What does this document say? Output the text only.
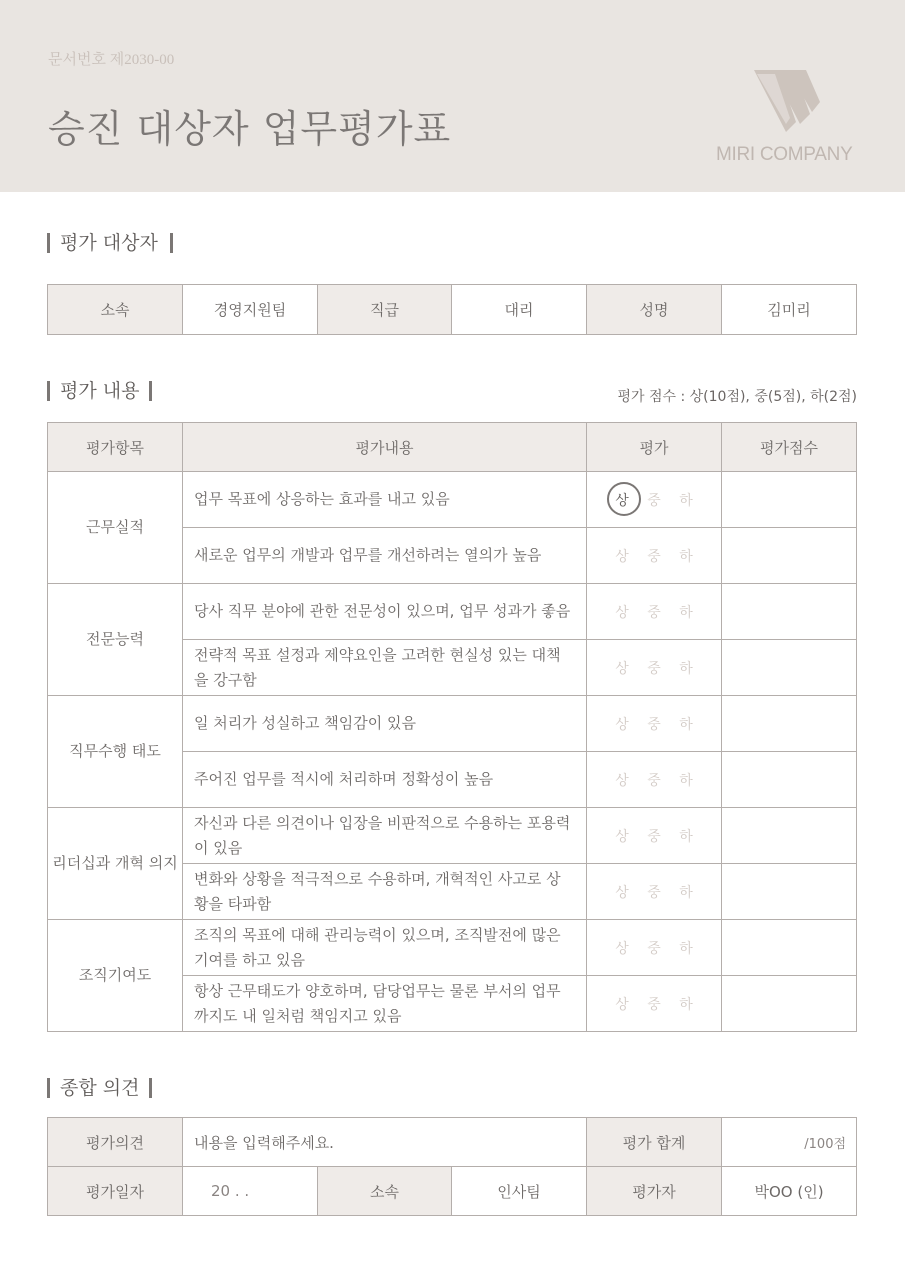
문서번호 제2030-00
승진 대상자 업무평가표
MIRI COMPANY
평가 대상자
소속	경영지원팀	직급	대리	성명	김미리
평가 내용	평가 점수 : 상(10점), 중(5점), 하(2점)
평가항목	평가내용	평가	평가점수
근무실적	업무 목표에 상응하는 효과를 내고 있음	상 중 하	
	새로운 업무의 개발과 업무를 개선하려는 열의가 높음	상 중 하	
전문능력	당사 직무 분야에 관한 전문성이 있으며, 업무 성과가 좋음	상 중 하	
	전략적 목표 설정과 제약요인을 고려한 현실성 있는 대책을 강구함	상 중 하	
직무수행 태도	일 처리가 성실하고 책임감이 있음	상 중 하	
	주어진 업무를 적시에 처리하며 정확성이 높음	상 중 하	
리더십과 개혁 의지	자신과 다른 의견이나 입장을 비판적으로 수용하는 포용력이 있음	상 중 하	
	변화와 상황을 적극적으로 수용하며, 개혁적인 사고로 상황을 타파함	상 중 하	
조직기여도	조직의 목표에 대해 관리능력이 있으며, 조직발전에 많은 기여를 하고 있음	상 중 하	
	항상 근무태도가 양호하며, 담당업무는 물론 부서의 업무까지도 내 일처럼 책임지고 있음	상 중 하	
종합 의견
평가의견	내용을 입력해주세요.			평가 합계	/100점
평가일자	20 . .	소속	인사팀	평가자	박OO (인)
